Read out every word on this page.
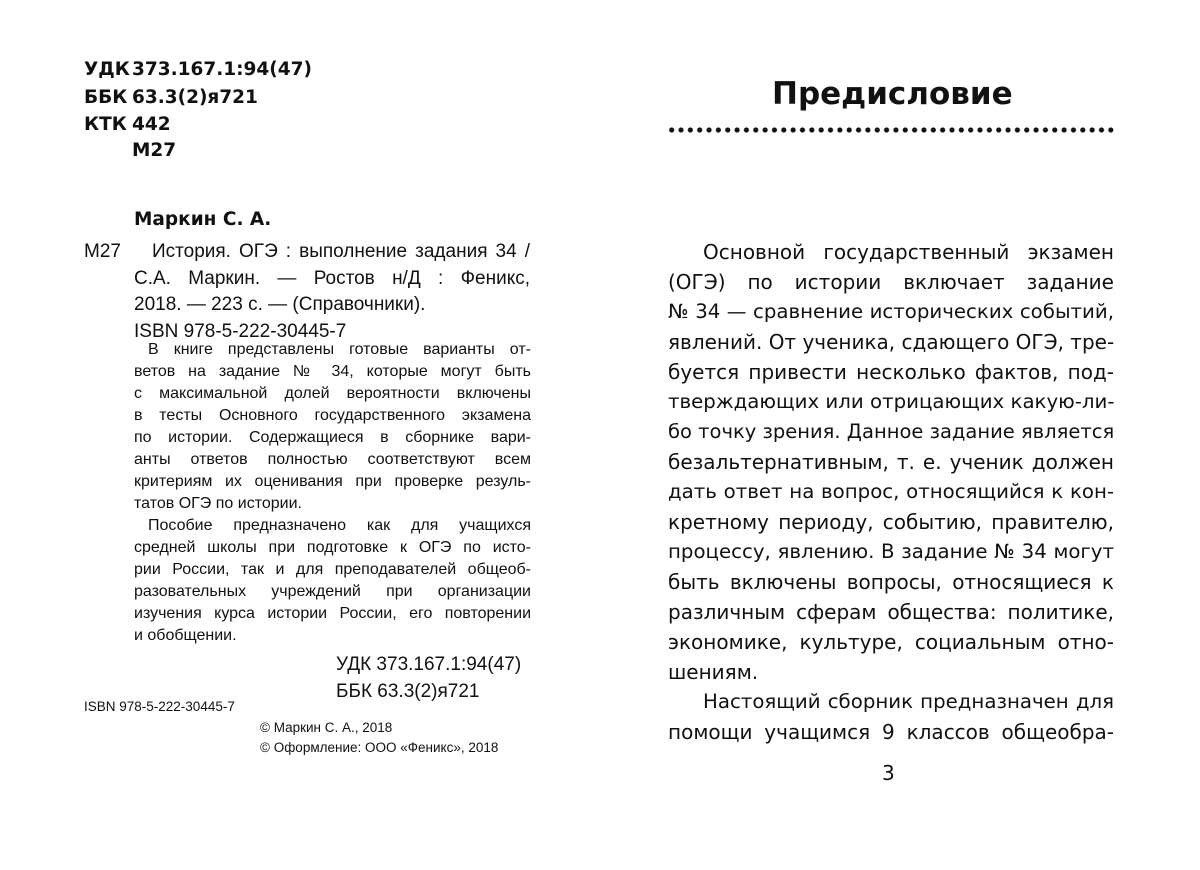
УДК 373.167.1:94(47)
ББК 63.3(2)я721
КТК 442
М27
Маркин С. А.
М27 История. ОГЭ : выполнение задания 34 /
С.А. Маркин. — Ростов н/Д : Феникс,
2018. — 223 с. — (Справочники).
ISBN 978-5-222-30445-7
В книге представлены готовые варианты от-
ветов на задание № 34, которые могут быть
с максимальной долей вероятности включены
в тесты Основного государственного экзамена
по истории. Содержащиеся в сборнике вари-
анты ответов полностью соответствуют всем
критериям их оценивания при проверке резуль-
татов ОГЭ по истории.
Пособие предназначено как для учащихся
средней школы при подготовке к ОГЭ по исто-
рии России, так и для преподавателей общеоб-
разовательных учреждений при организации
изучения курса истории России, его повторении
и обобщении.
УДК 373.167.1:94(47)
ББК 63.3(2)я721
ISBN 978-5-222-30445-7
© Маркин С. А., 2018
© Оформление: ООО «Феникс», 2018
Предисловие
Основной государственный экзамен
(ОГЭ) по истории включает задание
№ 34 — сравнение исторических событий,
явлений. От ученика, сдающего ОГЭ, тре-
буется привести несколько фактов, под-
тверждающих или отрицающих какую-ли-
бо точку зрения. Данное задание является
безальтернативным, т. е. ученик должен
дать ответ на вопрос, относящийся к кон-
кретному периоду, событию, правителю,
процессу, явлению. В задание № 34 могут
быть включены вопросы, относящиеся к
различным сферам общества: политике,
экономике, культуре, социальным отно-
шениям.
Настоящий сборник предназначен для
помощи учащимся 9 классов общеобра-
3
